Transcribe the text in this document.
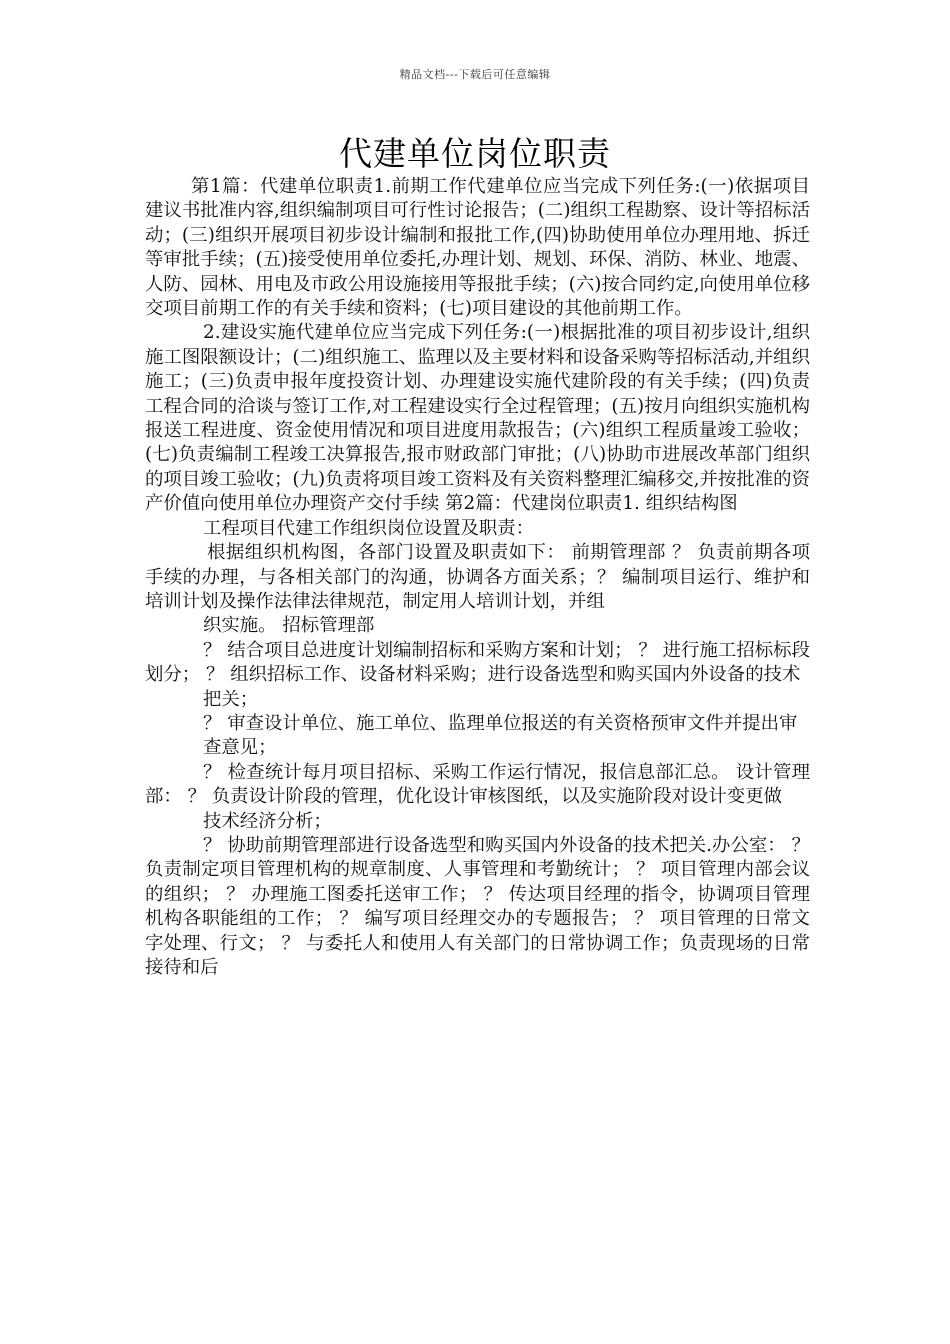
精品文档---下载后可任意编辑
代建单位岗位职责

第1篇：代建单位职责1.前期工作代建单位应当完成下列任务:(一)依据项目建议书批准内容,组织编制项目可行性讨论报告；(二)组织工程勘察、设计等招标活动；(三)组织开展项目初步设计编制和报批工作,(四)协助使用单位办理用地、拆迁等审批手续；(五)接受使用单位委托,办理计划、规划、环保、消防、林业、地震、人防、园林、用电及市政公用设施接用等报批手续；(六)按合同约定,向使用单位移交项目前期工作的有关手续和资料；(七)项目建设的其他前期工作。

2.建设实施代建单位应当完成下列任务:(一)根据批准的项目初步设计,组织施工图限额设计；(二)组织施工、监理以及主要材料和设备采购等招标活动,并组织施工；(三)负责申报年度投资计划、办理建设实施代建阶段的有关手续；(四)负责工程合同的洽谈与签订工作,对工程建设实行全过程管理；(五)按月向组织实施机构报送工程进度、资金使用情况和项目进度用款报告；(六)组织工程质量竣工验收；(七)负责编制工程竣工决算报告,报市财政部门审批；(八)协助市进展改革部门组织的项目竣工验收；(九)负责将项目竣工资料及有关资料整理汇编移交,并按批准的资产价值向使用单位办理资产交付手续 第2篇：代建岗位职责1. 组织结构图

工程项目代建工作组织岗位设置及职责：

根据组织机构图，各部门设置及职责如下： 前期管理部 ？ 负责前期各项手续的办理，与各相关部门的沟通，协调各方面关系；？ 编制项目运行、维护和培训计划及操作法律法律规范，制定用人培训计划，并组

织实施。 招标管理部

？ 结合项目总进度计划编制招标和采购方案和计划； ？ 进行施工招标标段划分； ？ 组织招标工作、设备材料采购；进行设备选型和购买国内外设备的技术

把关；

？ 审查设计单位、施工单位、监理单位报送的有关资格预审文件并提出审

查意见；

？ 检查统计每月项目招标、采购工作运行情况，报信息部汇总。 设计管理部： ？ 负责设计阶段的管理，优化设计审核图纸，以及实施阶段对设计变更做

技术经济分析；

？ 协助前期管理部进行设备选型和购买国内外设备的技术把关.办公室： ？ 负责制定项目管理机构的规章制度、人事管理和考勤统计； ？ 项目管理内部会议的组织； ？ 办理施工图委托送审工作； ？ 传达项目经理的指令，协调项目管理机构各职能组的工作； ？ 编写项目经理交办的专题报告； ？ 项目管理的日常文字处理、行文； ？ 与委托人和使用人有关部门的日常协调工作；负责现场的日常接待和后
